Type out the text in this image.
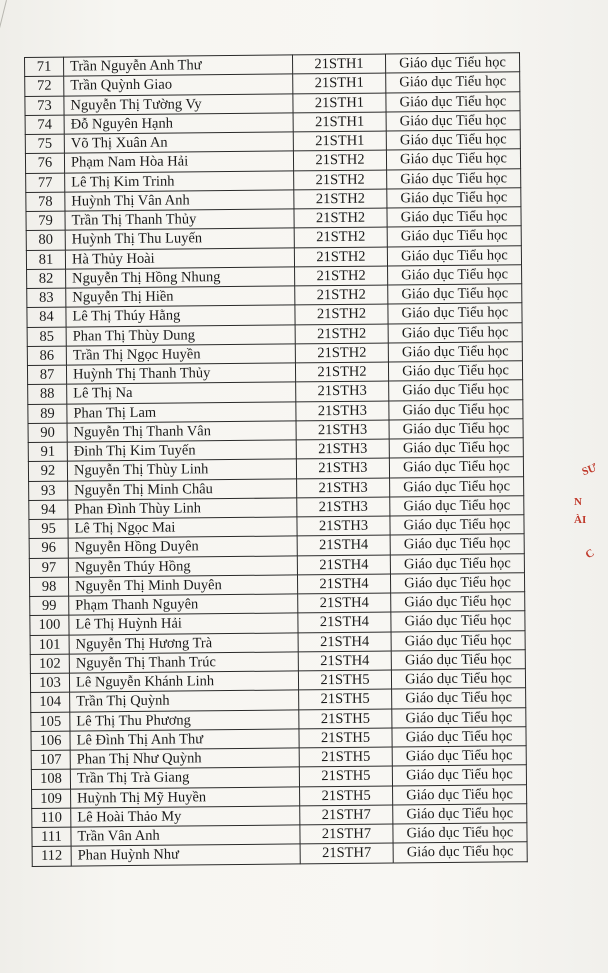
71	Trần Nguyễn Anh Thư	21STH1	Giáo dục Tiểu học
72	Trần Quỳnh Giao	21STH1	Giáo dục Tiểu học
73	Nguyễn Thị Tường Vy	21STH1	Giáo dục Tiểu học
74	Đỗ Nguyên Hạnh	21STH1	Giáo dục Tiểu học
75	Võ Thị Xuân An	21STH1	Giáo dục Tiểu học
76	Phạm Nam Hòa Hải	21STH2	Giáo dục Tiểu học
77	Lê Thị Kim Trinh	21STH2	Giáo dục Tiểu học
78	Huỳnh Thị Vân Anh	21STH2	Giáo dục Tiểu học
79	Trần Thị Thanh Thủy	21STH2	Giáo dục Tiểu học
80	Huỳnh Thị Thu Luyến	21STH2	Giáo dục Tiểu học
81	Hà Thủy Hoài	21STH2	Giáo dục Tiểu học
82	Nguyễn Thị Hồng Nhung	21STH2	Giáo dục Tiểu học
83	Nguyễn Thị Hiền	21STH2	Giáo dục Tiểu học
84	Lê Thị Thúy Hằng	21STH2	Giáo dục Tiểu học
85	Phan Thị Thùy Dung	21STH2	Giáo dục Tiểu học
86	Trần Thị Ngọc Huyền	21STH2	Giáo dục Tiểu học
87	Huỳnh Thị Thanh Thủy	21STH2	Giáo dục Tiểu học
88	Lê Thị Na	21STH3	Giáo dục Tiểu học
89	Phan Thị Lam	21STH3	Giáo dục Tiểu học
90	Nguyễn Thị Thanh Vân	21STH3	Giáo dục Tiểu học
91	Đinh Thị Kim Tuyến	21STH3	Giáo dục Tiểu học
92	Nguyễn Thị Thùy Linh	21STH3	Giáo dục Tiểu học
93	Nguyễn Thị Minh Châu	21STH3	Giáo dục Tiểu học
94	Phan Đình Thùy Linh	21STH3	Giáo dục Tiểu học
95	Lê Thị Ngọc Mai	21STH3	Giáo dục Tiểu học
96	Nguyễn Hồng Duyên	21STH4	Giáo dục Tiểu học
97	Nguyễn Thúy Hồng	21STH4	Giáo dục Tiểu học
98	Nguyễn Thị Minh Duyên	21STH4	Giáo dục Tiểu học
99	Phạm Thanh Nguyên	21STH4	Giáo dục Tiểu học
100	Lê Thị Huỳnh Hải	21STH4	Giáo dục Tiểu học
101	Nguyễn Thị Hương Trà	21STH4	Giáo dục Tiểu học
102	Nguyễn Thị Thanh Trúc	21STH4	Giáo dục Tiểu học
103	Lê Nguyễn Khánh Linh	21STH5	Giáo dục Tiểu học
104	Trần Thị Quỳnh	21STH5	Giáo dục Tiểu học
105	Lê Thị Thu Phương	21STH5	Giáo dục Tiểu học
106	Lê Đình Thị Anh Thư	21STH5	Giáo dục Tiểu học
107	Phan Thị Như Quỳnh	21STH5	Giáo dục Tiểu học
108	Trần Thị Trà Giang	21STH5	Giáo dục Tiểu học
109	Huỳnh Thị Mỹ Huyền	21STH5	Giáo dục Tiểu học
110	Lê Hoài Thảo My	21STH7	Giáo dục Tiểu học
111	Trần Vân Anh	21STH7	Giáo dục Tiểu học
112	Phan Huỳnh Như	21STH7	Giáo dục Tiểu học
SƯ
N
ÀI
C
